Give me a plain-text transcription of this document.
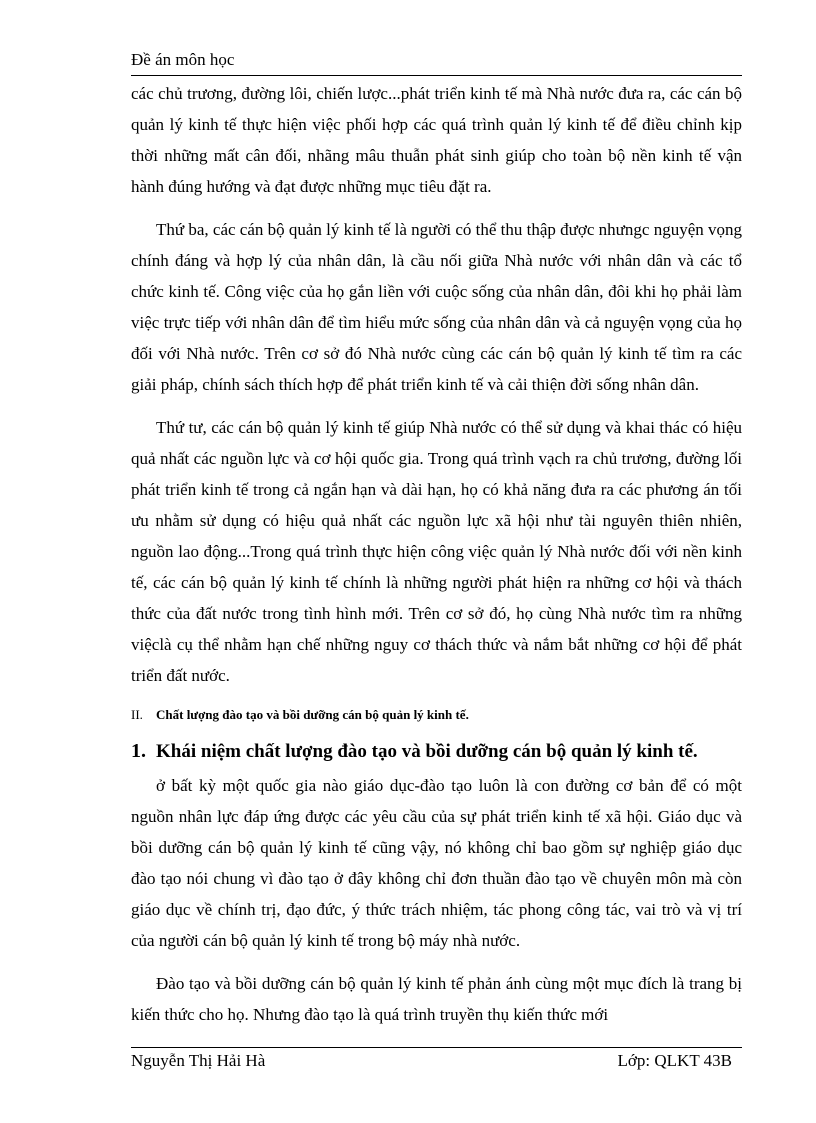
Đề án môn học

các chủ trương, đường lôi, chiến lược...phát triển kinh tế mà Nhà nước đưa ra, các cán bộ quản lý kinh tế thực hiện việc phối hợp các quá trình quản lý kinh tế để điều chỉnh kịp thời những mất cân đối, nhãng mâu thuẫn phát sinh giúp cho toàn bộ nền kinh tế vận hành đúng hướng và đạt được những mục tiêu đặt ra.

Thứ ba, các cán bộ quản lý kinh tế là người có thể thu thập được nhưngc nguyện vọng chính đáng và hợp lý của nhân dân, là cầu nối giữa Nhà nước với nhân dân và các tổ chức kinh tế. Công việc của họ gắn liền với cuộc sống của nhân dân, đôi khi họ phải làm việc trực tiếp với nhân dân để tìm hiểu mức sống của nhân dân và cả nguyện vọng của họ đối với Nhà nước. Trên cơ sở đó Nhà nước cùng các cán bộ quản lý kinh tế tìm ra các giải pháp, chính sách thích hợp để phát triển kinh tế và cải thiện đời sống nhân dân.

Thứ tư, các cán bộ quản lý kinh tế giúp Nhà nước có thể sử dụng và khai thác có hiệu quả nhất các nguồn lực và cơ hội quốc gia. Trong quá trình vạch ra chủ trương, đường lối phát triển kinh tế trong cả ngắn hạn và dài hạn, họ có khả năng đưa ra các phương án tối ưu nhằm sử dụng có hiệu quả nhất các nguồn lực xã hội như tài nguyên thiên nhiên, nguồn lao động...Trong quá trình thực hiện công việc quản lý Nhà nước đối với nền kinh tế, các cán bộ quản lý kinh tế chính là những người phát hiện ra những cơ hội và thách thức của đất nước trong tình hình mới. Trên cơ sở đó, họ cùng Nhà nước tìm ra những việclà cụ thể nhằm hạn chế những nguy cơ thách thức và nắm bắt những cơ hội để phát triển đất nước.

II. Chất lượng đào tạo và bồi dưỡng cán bộ quản lý kinh tế.
1. Khái niệm chất lượng đào tạo và bồi dưỡng cán bộ quản lý kinh tế.

ở bất kỳ một quốc gia nào giáo dục-đào tạo luôn là con đường cơ bản để có một nguồn nhân lực đáp ứng được các yêu cầu của sự phát triển kinh tế xã hội. Giáo dục và bồi dưỡng cán bộ quản lý kinh tế cũng vậy, nó không chỉ bao gồm sự nghiệp giáo dục đào tạo nói chung vì đào tạo ở đây không chỉ đơn thuần đào tạo về chuyên môn mà còn giáo dục về chính trị, đạo đức, ý thức trách nhiệm, tác phong công tác, vai trò và vị trí của người cán bộ quản lý kinh tế trong bộ máy nhà nước.

Đào tạo và bồi dưỡng cán bộ quản lý kinh tế phản ánh cùng một mục đích là trang bị kiến thức cho họ. Nhưng đào tạo là quá trình truyền thụ kiến thức mới

Nguyễn Thị Hải Hà	Lớp: QLKT 43B
